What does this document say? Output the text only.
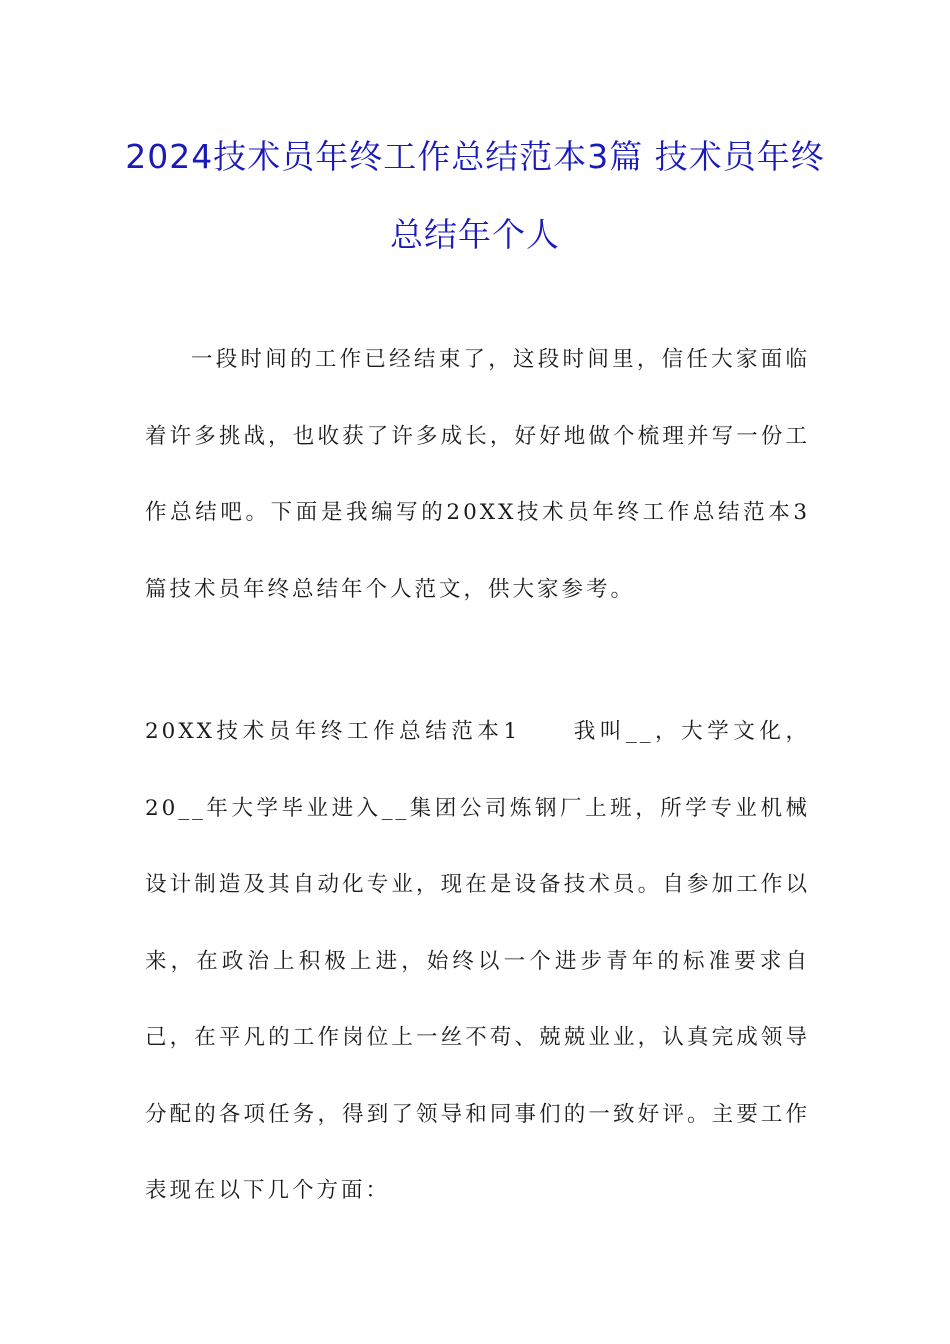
2024技术员年终工作总结范本3篇 技术员年终总结年个人

一段时间的工作已经结束了，这段时间里，信任大家面临着许多挑战，也收获了许多成长，好好地做个梳理并写一份工作总结吧。下面是我编写的20XX技术员年终工作总结范本3篇技术员年终总结年个人范文，供大家参考。

20XX技术员年终工作总结范本1 我叫__，大学文化，20__年大学毕业进入__集团公司炼钢厂上班，所学专业机械设计制造及其自动化专业，现在是设备技术员。自参加工作以来，在政治上积极上进，始终以一个进步青年的标准要求自己，在平凡的工作岗位上一丝不苟、兢兢业业，认真完成领导分配的各项任务，得到了领导和同事们的一致好评。主要工作表现在以下几个方面：
